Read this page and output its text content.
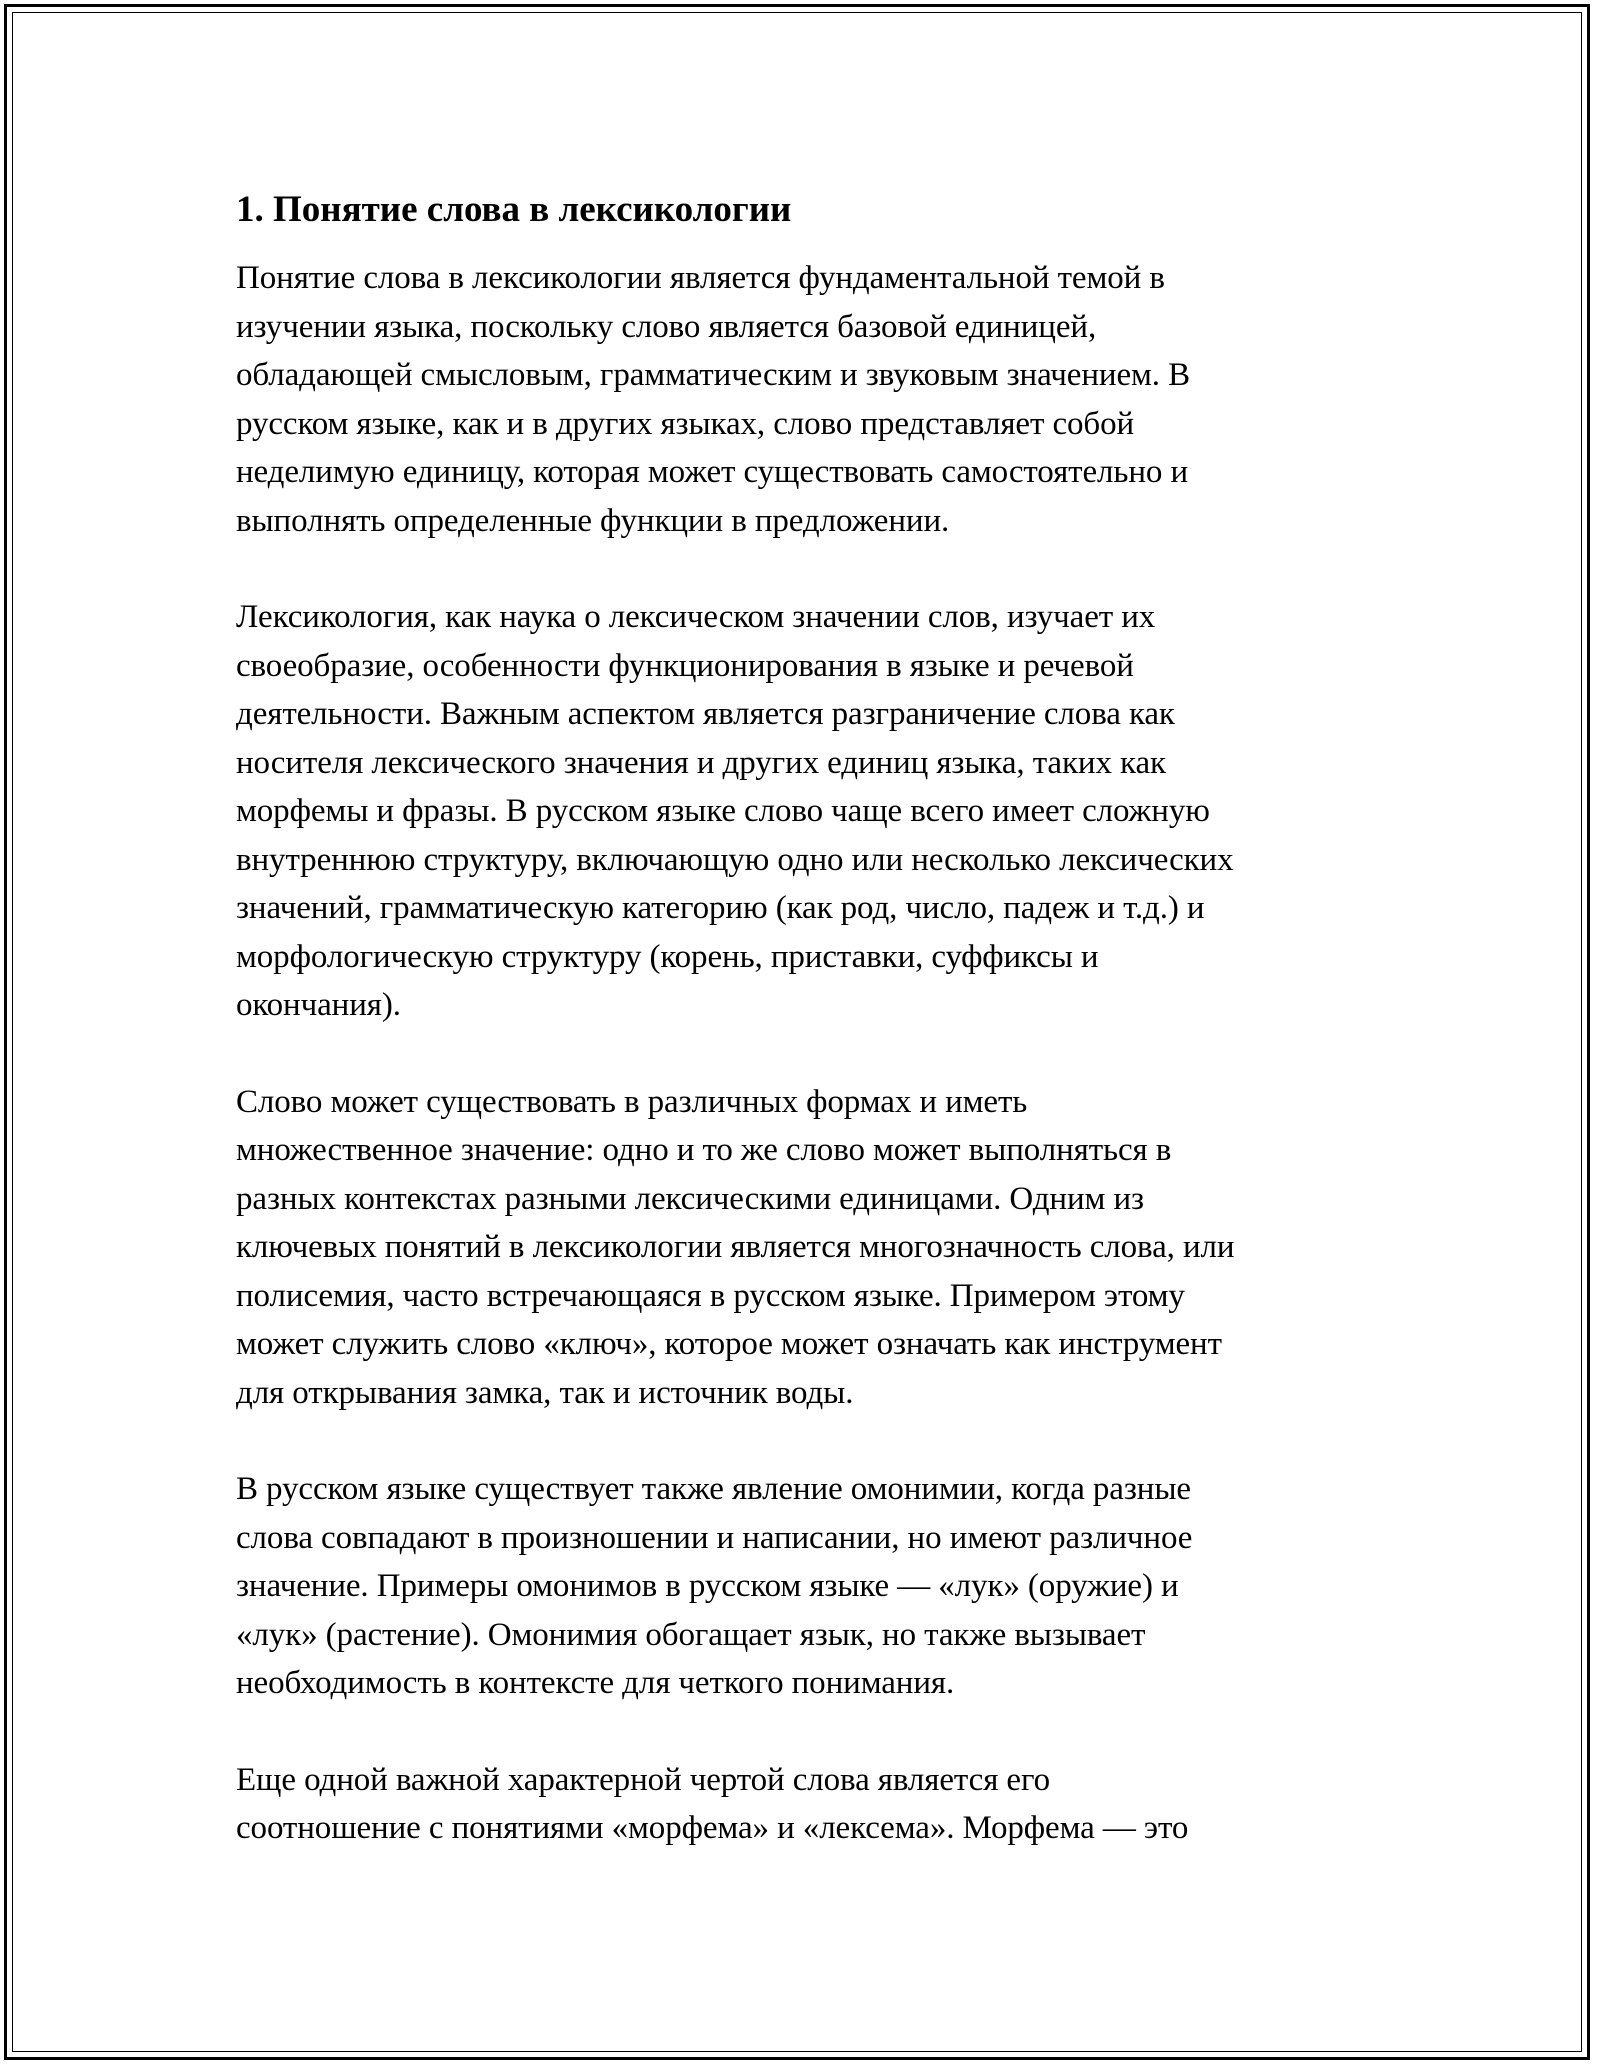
1. Понятие слова в лексикологии

Понятие слова в лексикологии является фундаментальной темой в
изучении языка, поскольку слово является базовой единицей,
обладающей смысловым, грамматическим и звуковым значением. В
русском языке, как и в других языках, слово представляет собой
неделимую единицу, которая может существовать самостоятельно и
выполнять определенные функции в предложении.

Лексикология, как наука о лексическом значении слов, изучает их
своеобразие, особенности функционирования в языке и речевой
деятельности. Важным аспектом является разграничение слова как
носителя лексического значения и других единиц языка, таких как
морфемы и фразы. В русском языке слово чаще всего имеет сложную
внутреннюю структуру, включающую одно или несколько лексических
значений, грамматическую категорию (как род, число, падеж и т.д.) и
морфологическую структуру (корень, приставки, суффиксы и
окончания).

Слово может существовать в различных формах и иметь
множественное значение: одно и то же слово может выполняться в
разных контекстах разными лексическими единицами. Одним из
ключевых понятий в лексикологии является многозначность слова, или
полисемия, часто встречающаяся в русском языке. Примером этому
может служить слово «ключ», которое может означать как инструмент
для открывания замка, так и источник воды.

В русском языке существует также явление омонимии, когда разные
слова совпадают в произношении и написании, но имеют различное
значение. Примеры омонимов в русском языке — «лук» (оружие) и
«лук» (растение). Омонимия обогащает язык, но также вызывает
необходимость в контексте для четкого понимания.

Еще одной важной характерной чертой слова является его
соотношение с понятиями «морфема» и «лексема». Морфема — это
